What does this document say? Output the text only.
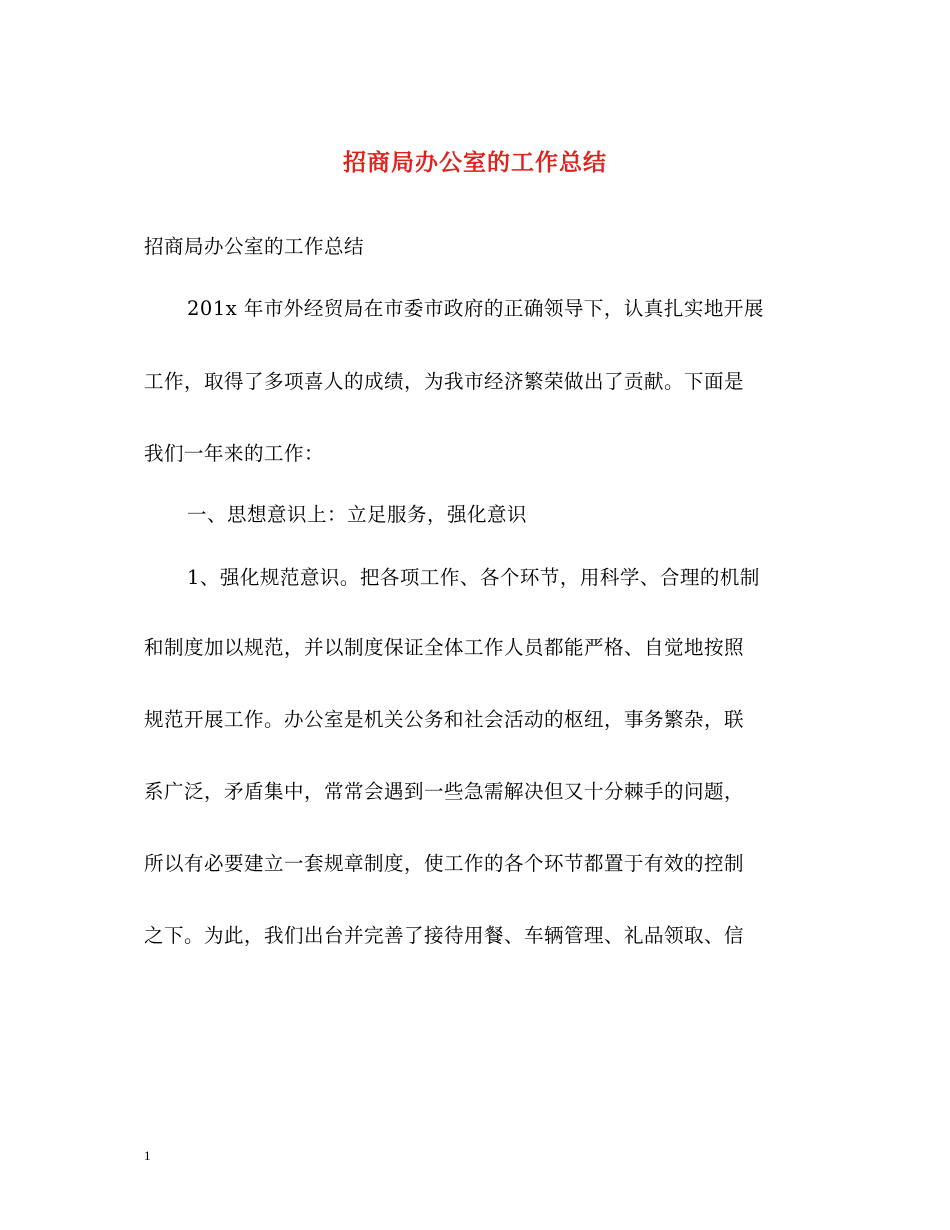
招商局办公室的工作总结
招商局办公室的工作总结
201x 年市外经贸局在市委市政府的正确领导下，认真扎实地开展
工作，取得了多项喜人的成绩，为我市经济繁荣做出了贡献。下面是
我们一年来的工作：
一、思想意识上：立足服务，强化意识
1、强化规范意识。把各项工作、各个环节，用科学、合理的机制
和制度加以规范，并以制度保证全体工作人员都能严格、自觉地按照
规范开展工作。办公室是机关公务和社会活动的枢纽，事务繁杂，联
系广泛，矛盾集中，常常会遇到一些急需解决但又十分棘手的问题，
所以有必要建立一套规章制度，使工作的各个环节都置于有效的控制
之下。为此，我们出台并完善了接待用餐、车辆管理、礼品领取、信
1
